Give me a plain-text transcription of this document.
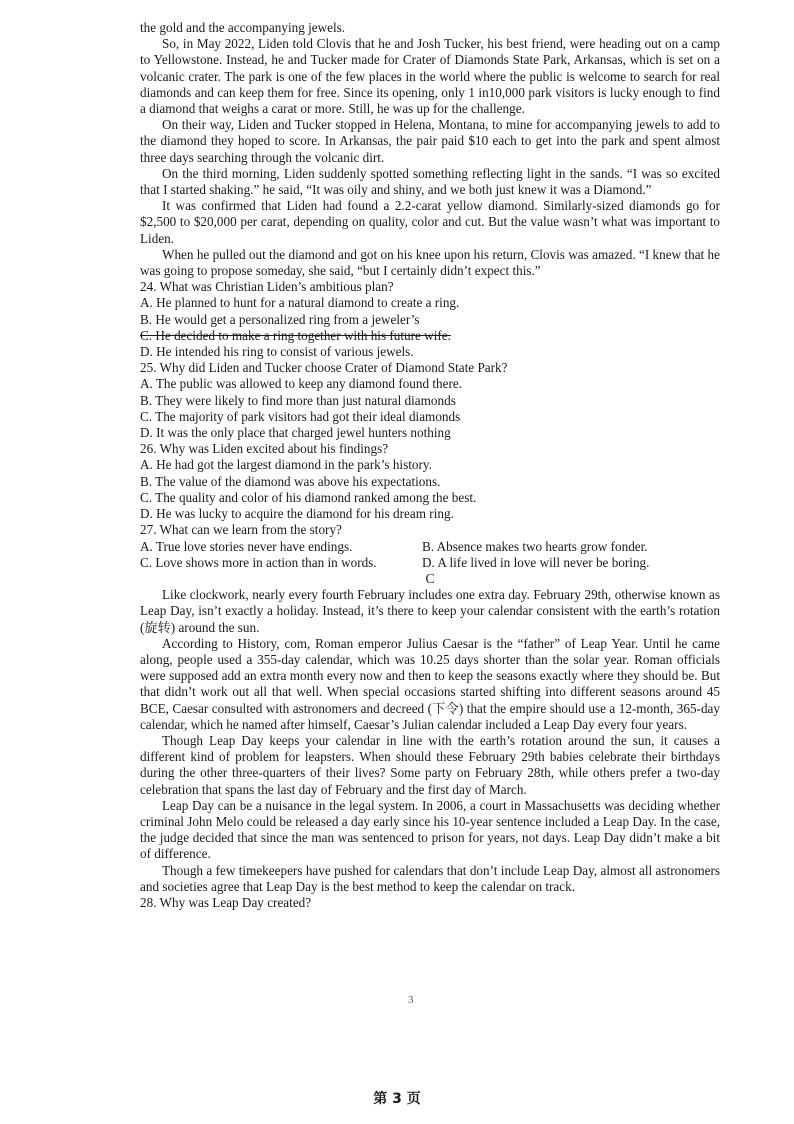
the gold and the accompanying jewels.

So, in May 2022, Liden told Clovis that he and Josh Tucker, his best friend, were heading out on a camp to Yellowstone. Instead, he and Tucker made for Crater of Diamonds State Park, Arkansas, which is set on a volcanic crater. The park is one of the few places in the world where the public is welcome to search for real diamonds and can keep them for free. Since its opening, only 1 in10,000 park visitors is lucky enough to find a diamond that weighs a carat or more. Still, he was up for the challenge.

On their way, Liden and Tucker stopped in Helena, Montana, to mine for accompanying jewels to add to the diamond they hoped to score. In Arkansas, the pair paid $10 each to get into the park and spent almost three days searching through the volcanic dirt.

On the third morning, Liden suddenly spotted something reflecting light in the sands. “I was so excited that I started shaking.” he said, “It was oily and shiny, and we both just knew it was a Diamond.”

It was confirmed that Liden had found a 2.2-carat yellow diamond. Similarly-sized diamonds go for $2,500 to $20,000 per carat, depending on quality, color and cut. But the value wasn’t what was important to Liden.

When he pulled out the diamond and got on his knee upon his return, Clovis was amazed. “I knew that he was going to propose someday, she said, “but I certainly didn’t expect this.”

24. What was Christian Liden’s ambitious plan?

A. He planned to hunt for a natural diamond to create a ring.

B. He would get a personalized ring from a jeweler’s

C. He decided to make a ring together with his future wife.

D. He intended his ring to consist of various jewels.

25. Why did Liden and Tucker choose Crater of Diamond State Park?

A. The public was allowed to keep any diamond found there.

B. They were likely to find more than just natural diamonds

C. The majority of park visitors had got their ideal diamonds

D. It was the only place that charged jewel hunters nothing

26. Why was Liden excited about his findings?

A. He had got the largest diamond in the park’s history.

B. The value of the diamond was above his expectations.

C. The quality and color of his diamond ranked among the best.

D. He was lucky to acquire the diamond for his dream ring.

27. What can we learn from the story?

A. True love stories never have endings.	B. Absence makes two hearts grow fonder.
C. Love shows more in action than in words.	D. A life lived in love will never be boring.

C

Like clockwork, nearly every fourth February includes one extra day. February 29th, otherwise known as Leap Day, isn’t exactly a holiday. Instead, it’s there to keep your calendar consistent with the earth’s rotation (旋转) around the sun.

According to History, com, Roman emperor Julius Caesar is the “father” of Leap Year. Until he came along, people used a 355-day calendar, which was 10.25 days shorter than the solar year. Roman officials were supposed add an extra month every now and then to keep the seasons exactly where they should be. But that didn’t work out all that well. When special occasions started shifting into different seasons around 45 BCE, Caesar consulted with astronomers and decreed (下令) that the empire should use a 12-month, 365-day calendar, which he named after himself, Caesar’s Julian calendar included a Leap Day every four years.

Though Leap Day keeps your calendar in line with the earth’s rotation around the sun, it causes a different kind of problem for leapsters. When should these February 29th babies celebrate their birthdays during the other three-quarters of their lives? Some party on February 28th, while others prefer a two-day celebration that spans the last day of February and the first day of March.

Leap Day can be a nuisance in the legal system. In 2006, a court in Massachusetts was deciding whether criminal John Melo could be released a day early since his 10-year sentence included a Leap Day. In the case, the judge decided that since the man was sentenced to prison for years, not days. Leap Day didn’t make a bit of difference.

Though a few timekeepers have pushed for calendars that don’t include Leap Day, almost all astronomers and societies agree that Leap Day is the best method to keep the calendar on track.

28. Why was Leap Day created?

3
第 3 页
